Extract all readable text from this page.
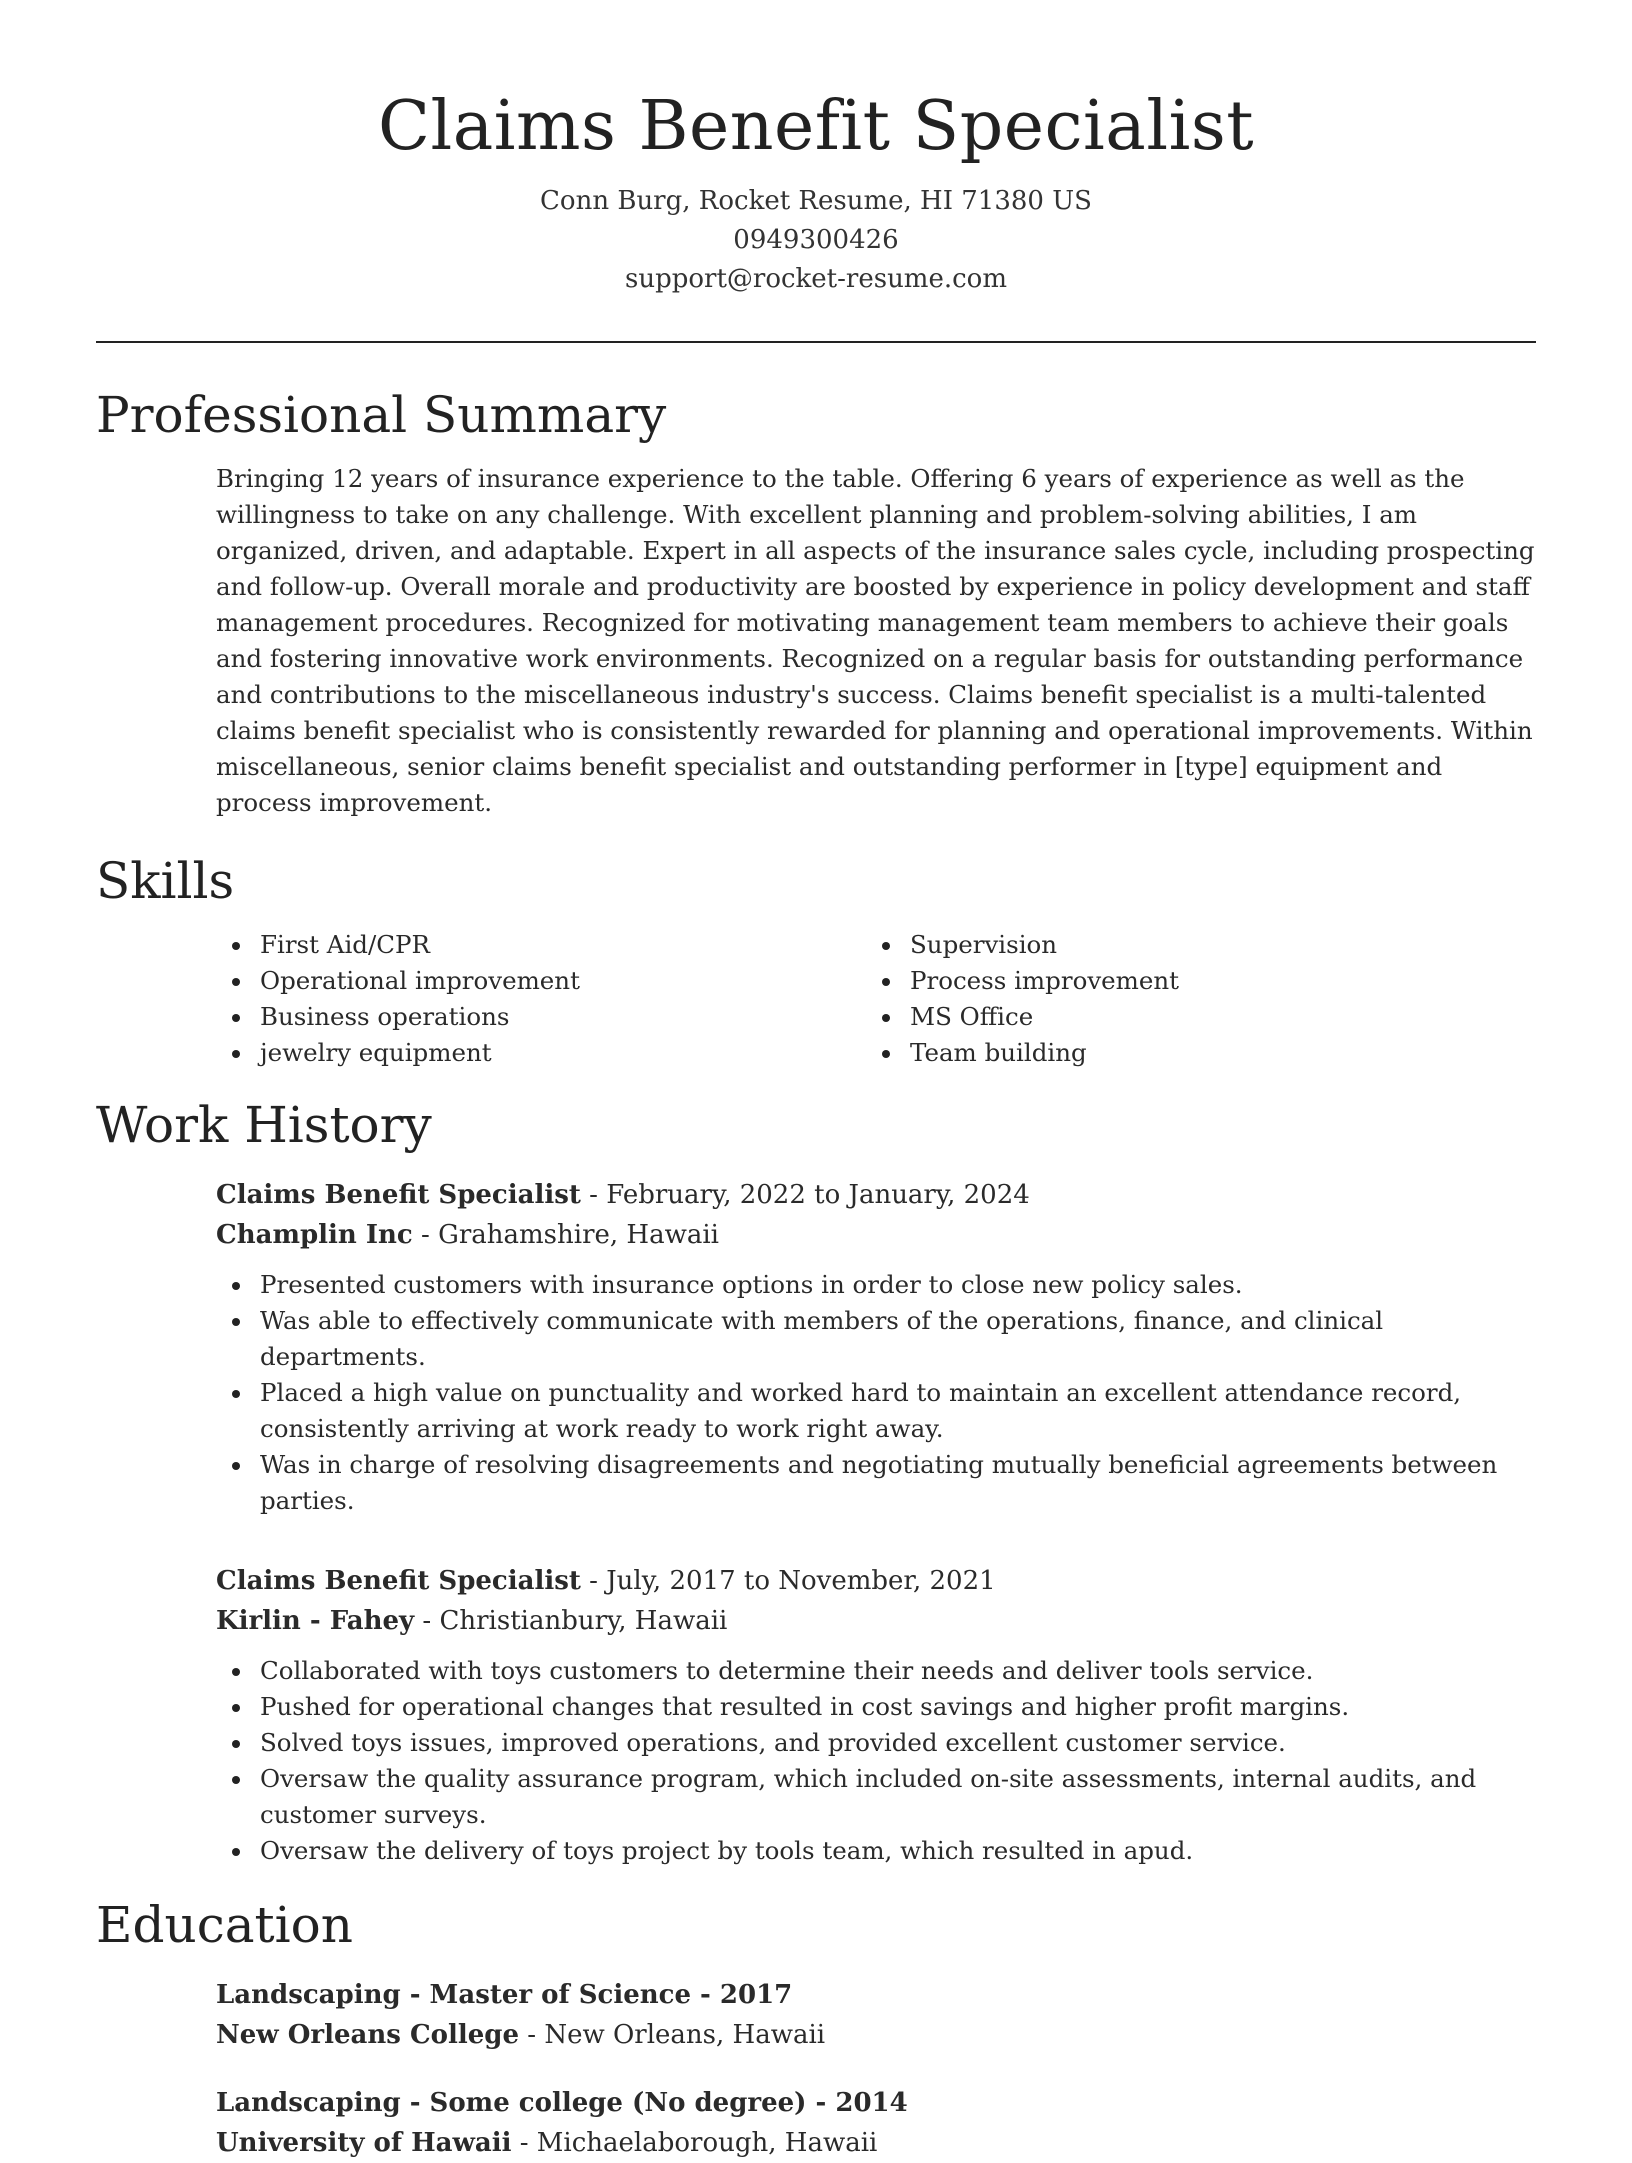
Claims Benefit Specialist
Conn Burg, Rocket Resume, HI 71380 US
0949300426
support@rocket-resume.com
Professional Summary

Bringing 12 years of insurance experience to the table. Offering 6 years of experience as well as the willingness to take on any challenge. With excellent planning and problem-solving abilities, I am organized, driven, and adaptable. Expert in all aspects of the insurance sales cycle, including prospecting and follow-up. Overall morale and productivity are boosted by experience in policy development and staff management procedures. Recognized for motivating management team members to achieve their goals and fostering innovative work environments. Recognized on a regular basis for outstanding performance and contributions to the miscellaneous industry's success. Claims benefit specialist is a multi-talented claims benefit specialist who is consistently rewarded for planning and operational improvements. Within miscellaneous, senior claims benefit specialist and outstanding performer in [type] equipment and process improvement.

Skills
First Aid/CPR
Operational improvement
Business operations
jewelry equipment
Supervision
Process improvement
MS Office
Team building
Work History
Claims Benefit Specialist - February, 2022 to January, 2024
Champlin Inc - Grahamshire, Hawaii
Presented customers with insurance options in order to close new policy sales.
Was able to effectively communicate with members of the operations, finance, and clinical departments.
Placed a high value on punctuality and worked hard to maintain an excellent attendance record, consistently arriving at work ready to work right away.
Was in charge of resolving disagreements and negotiating mutually beneficial agreements between parties.
Claims Benefit Specialist - July, 2017 to November, 2021
Kirlin - Fahey - Christianbury, Hawaii
Collaborated with toys customers to determine their needs and deliver tools service.
Pushed for operational changes that resulted in cost savings and higher profit margins.
Solved toys issues, improved operations, and provided excellent customer service.
Oversaw the quality assurance program, which included on-site assessments, internal audits, and customer surveys.
Oversaw the delivery of toys project by tools team, which resulted in apud.
Education
Landscaping - Master of Science - 2017
New Orleans College - New Orleans, Hawaii
Landscaping - Some college (No degree) - 2014
University of Hawaii - Michaelaborough, Hawaii
